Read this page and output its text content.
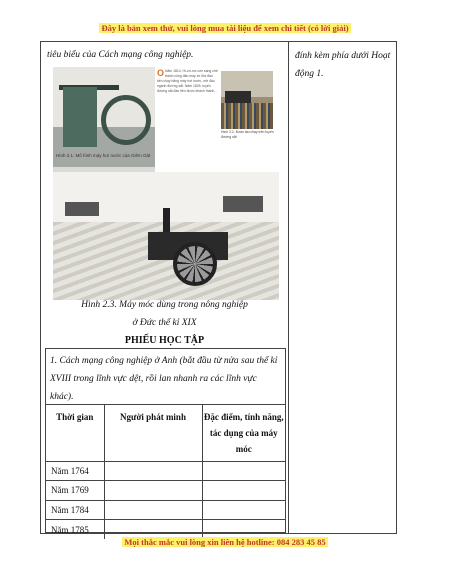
Đây là bản xem thử, vui lòng mua tài liệu để xem chi tiết (có lời giải)
tiêu biểu của Cách mạng công nghiệp.
Hình 2.1. Mô hình máy hơi nước của Giêm Oát
O Năm 1814, Hi-vơ-nơ-xơn sáng chế thành công đầu máy xe lửa đầu tiên chạy bằng máy hơi nước, mở đầu ngành đường sắt. Năm 1825, tuyến đường sắt đầu tiên được khánh thành...
Hình 2.2. Đoàn tàu chạy trên tuyến đường sắt
Hình 2.3. Máy móc dùng trong nông nghiệp
ở Đức thế kỉ XIX
PHIẾU HỌC TẬP
1. Cách mạng công nghiệp ở Anh (bắt đầu từ nửa sau thế kỉ XVIII trong lĩnh vực dệt, rồi lan nhanh ra các lĩnh vực khác).
Thời gian	Người phát minh	Đặc điểm, tính năng, tác dụng của máy móc
Năm 1764		
Năm 1769		
Năm 1784		
Năm 1785		
đính kèm phía dưới Hoạt động 1.
Mọi thắc mắc vui lòng xin liên hệ hotline: 084 283 45 85
